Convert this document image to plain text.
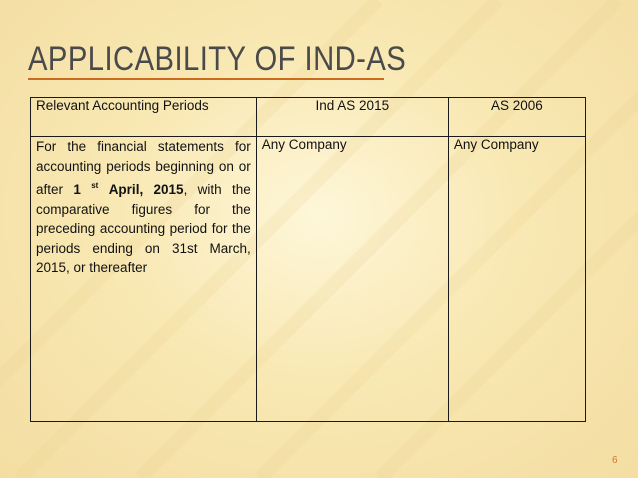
APPLICABILITY OF IND-AS
Relevant Accounting Periods	Ind AS 2015	AS 2006

For the financial statements for accounting periods beginning on or after 1 $^{st}$ April, 2015, with the comparative figures for the preceding accounting period for the periods ending on 31st March, 2015, or thereafter	Any Company	Any Company
6
